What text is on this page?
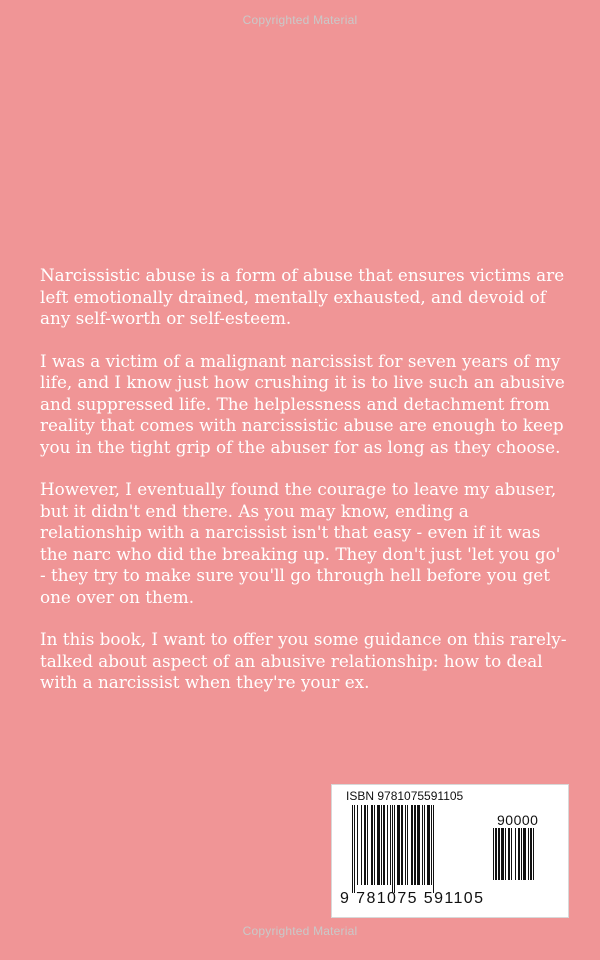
Copyrighted Material

Narcissistic abuse is a form of abuse that ensures victims are left emotionally drained, mentally exhausted, and devoid of any self-worth or self-esteem.

I was a victim of a malignant narcissist for seven years of my life, and I know just how crushing it is to live such an abusive and suppressed life. The helplessness and detachment from reality that comes with narcissistic abuse are enough to keep you in the tight grip of the abuser for as long as they choose.

However, I eventually found the courage to leave my abuser, but it didn't end there. As you may know, ending a relationship with a narcissist isn't that easy - even if it was the narc who did the breaking up. They don't just 'let you go' - they try to make sure you'll go through hell before you get one over on them.

In this book, I want to offer you some guidance on this rarely-talked about aspect of an abusive relationship: how to deal with a narcissist when they're your ex.

ISBN 9781075591105
90000
9 781075 591105
Copyrighted Material
